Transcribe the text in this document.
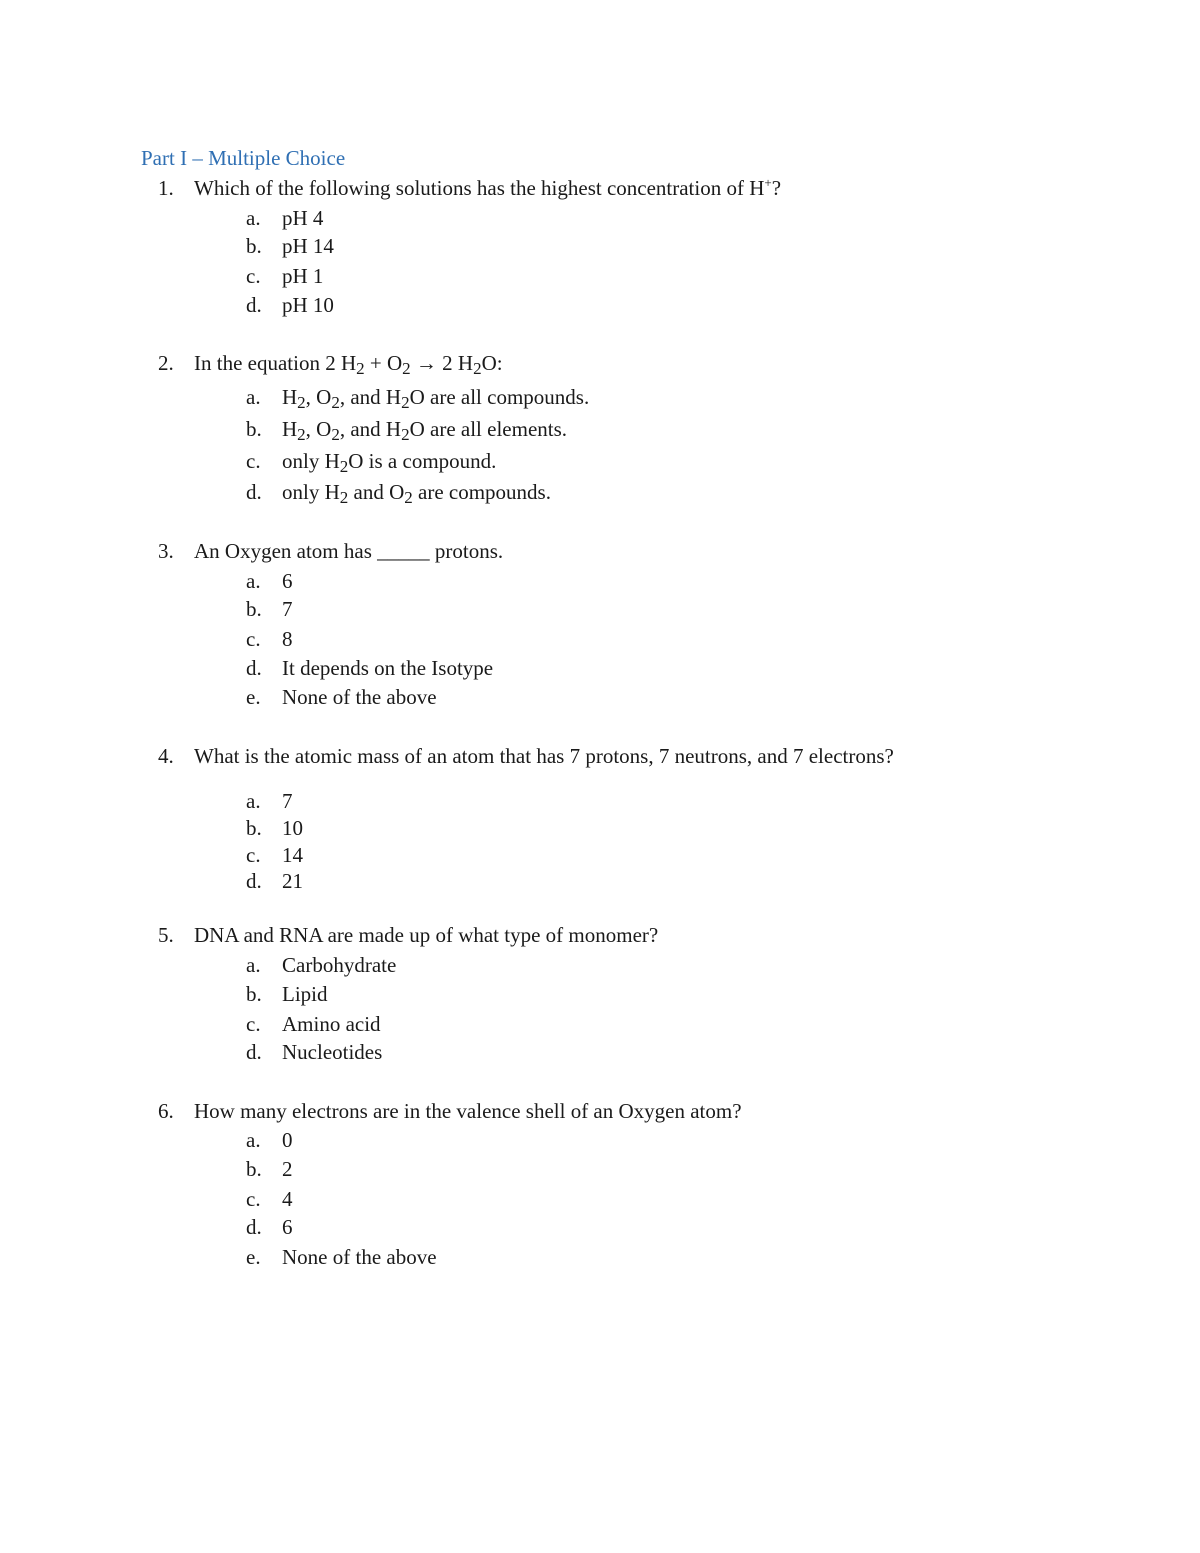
Part I – Multiple Choice
1. Which of the following solutions has the highest concentration of H+?
a. pH 4
b. pH 14
c. pH 1
d. pH 10
2. In the equation 2 $H_2 + O_2 \to 2$ $H_2O$:
a. $H_2$, $O_2$, and $H_2O$ are all compounds.
b. $H_2$, $O_2$, and $H_2O$ are all elements.
c. only $H_2O$ is a compound.
d. only $H_2$ and $O_2$ are compounds.
3. An Oxygen atom has _____ protons.
a. 6
b. 7
c. 8
d. It depends on the Isotype
e. None of the above
4. What is the atomic mass of an atom that has 7 protons, 7 neutrons, and 7 electrons?
a. 7
b. 10
c. 14
d. 21
5. DNA and RNA are made up of what type of monomer?
a. Carbohydrate
b. Lipid
c. Amino acid
d. Nucleotides
6. How many electrons are in the valence shell of an Oxygen atom?
a. 0
b. 2
c. 4
d. 6
e. None of the above
